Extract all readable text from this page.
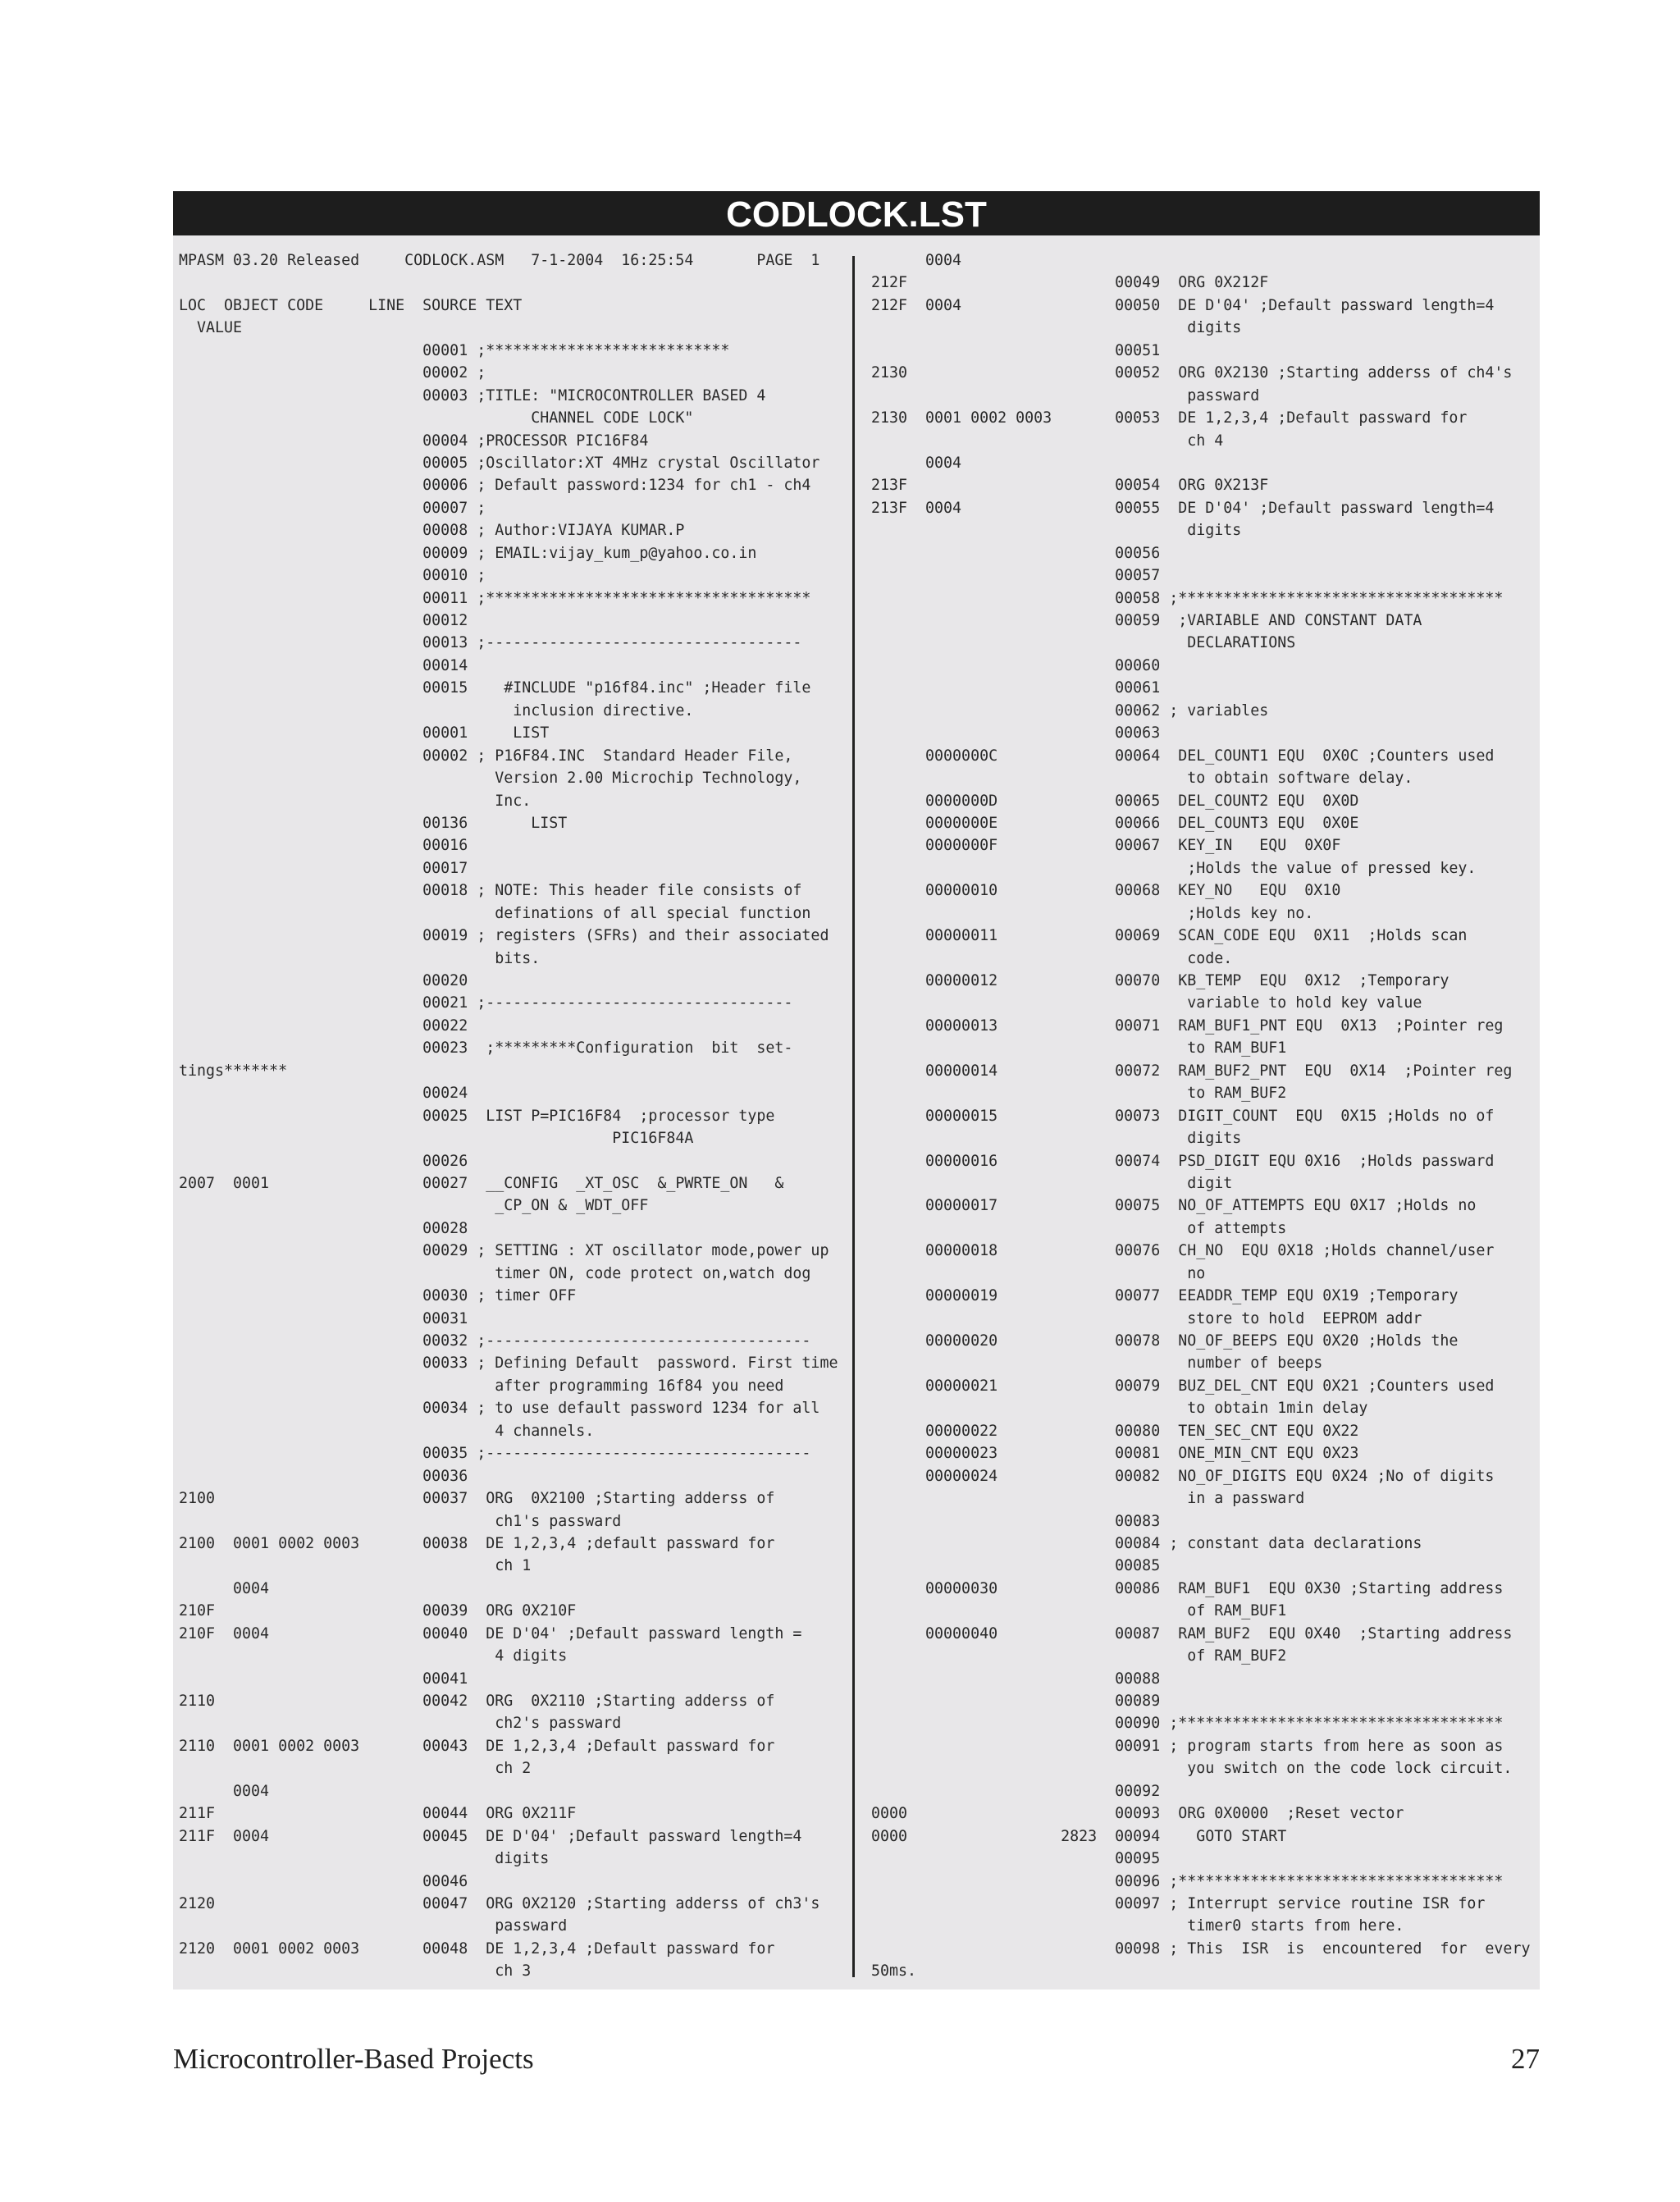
CODLOCK.LST
MPASM 03.20 Released     CODLOCK.ASM   7-1-2004  16:25:54       PAGE  1
LOC  OBJECT CODE     LINE  SOURCE TEXT
VALUE
00001 ;***************************
00002 ;
00003 ;TITLE: "MICROCONTROLLER BASED 4
CHANNEL CODE LOCK"
00004 ;PROCESSOR PIC16F84
00005 ;Oscillator:XT 4MHz crystal Oscillator
00006 ; Default password:1234 for ch1 - ch4
00007 ;
00008 ; Author:VIJAYA KUMAR.P
00009 ; EMAIL:vijay_kum_p@yahoo.co.in
00010 ;
00011 ;************************************
00012
00013 ;-----------------------------------
00014
00015    #INCLUDE "p16f84.inc" ;Header file
inclusion directive.
00001     LIST
00002 ; P16F84.INC  Standard Header File,
Version 2.00 Microchip Technology,
Inc.
00136       LIST
00016
00017
00018 ; NOTE: This header file consists of
definations of all special function
00019 ; registers (SFRs) and their associated
bits.
00020
00021 ;----------------------------------
00022
00023  ;*********Configuration  bit  set-
tings*******
00024
00025  LIST P=PIC16F84  ;processor type
PIC16F84A
00026
2007  0001                 00027  __CONFIG  _XT_OSC  &_PWRTE_ON   &
_CP_ON & _WDT_OFF
00028
00029 ; SETTING : XT oscillator mode,power up
timer ON, code protect on,watch dog
00030 ; timer OFF
00031
00032 ;------------------------------------
00033 ; Defining Default  password. First time
after programming 16f84 you need
00034 ; to use default password 1234 for all
4 channels.
00035 ;------------------------------------
00036
2100                       00037  ORG  0X2100 ;Starting adderss of
ch1's passward
2100  0001 0002 0003       00038  DE 1,2,3,4 ;default passward for
ch 1
0004
210F                       00039  ORG 0X210F
210F  0004                 00040  DE D'04' ;Default passward length =
4 digits
00041
2110                       00042  ORG  0X2110 ;Starting adderss of
ch2's passward
2110  0001 0002 0003       00043  DE 1,2,3,4 ;Default passward for
ch 2
0004
211F                       00044  ORG 0X211F
211F  0004                 00045  DE D'04' ;Default passward length=4
digits
00046
2120                       00047  ORG 0X2120 ;Starting adderss of ch3's
passward
2120  0001 0002 0003       00048  DE 1,2,3,4 ;Default passward for
ch 3
0004
212F                       00049  ORG 0X212F
212F  0004                 00050  DE D'04' ;Default passward length=4
digits
00051
2130                       00052  ORG 0X2130 ;Starting adderss of ch4's
passward
2130  0001 0002 0003       00053  DE 1,2,3,4 ;Default passward for
ch 4
0004
213F                       00054  ORG 0X213F
213F  0004                 00055  DE D'04' ;Default passward length=4
digits
00056
00057
00058 ;************************************
00059  ;VARIABLE AND CONSTANT DATA
DECLARATIONS
00060
00061
00062 ; variables
00063
0000000C             00064  DEL_COUNT1 EQU  0X0C ;Counters used
to obtain software delay.
0000000D             00065  DEL_COUNT2 EQU  0X0D
0000000E             00066  DEL_COUNT3 EQU  0X0E
0000000F             00067  KEY_IN   EQU  0X0F
;Holds the value of pressed key.
00000010             00068  KEY_NO   EQU  0X10
;Holds key no.
00000011             00069  SCAN_CODE EQU  0X11  ;Holds scan
code.
00000012             00070  KB_TEMP  EQU  0X12  ;Temporary
variable to hold key value
00000013             00071  RAM_BUF1_PNT EQU  0X13  ;Pointer reg
to RAM_BUF1
00000014             00072  RAM_BUF2_PNT  EQU  0X14  ;Pointer reg
to RAM_BUF2
00000015             00073  DIGIT_COUNT  EQU  0X15 ;Holds no of
digits
00000016             00074  PSD_DIGIT EQU 0X16  ;Holds passward
digit
00000017             00075  NO_OF_ATTEMPTS EQU 0X17 ;Holds no
of attempts
00000018             00076  CH_NO  EQU 0X18 ;Holds channel/user
no
00000019             00077  EEADDR_TEMP EQU 0X19 ;Temporary
store to hold  EEPROM addr
00000020             00078  NO_OF_BEEPS EQU 0X20 ;Holds the
number of beeps
00000021             00079  BUZ_DEL_CNT EQU 0X21 ;Counters used
to obtain 1min delay
00000022             00080  TEN_SEC_CNT EQU 0X22
00000023             00081  ONE_MIN_CNT EQU 0X23
00000024             00082  NO_OF_DIGITS EQU 0X24 ;No of digits
in a passward
00083
00084 ; constant data declarations
00085
00000030             00086  RAM_BUF1  EQU 0X30 ;Starting address
of RAM_BUF1
00000040             00087  RAM_BUF2  EQU 0X40  ;Starting address
of RAM_BUF2
00088
00089
00090 ;************************************
00091 ; program starts from here as soon as
you switch on the code lock circuit.
00092
0000                       00093  ORG 0X0000  ;Reset vector
0000                 2823  00094    GOTO START
00095
00096 ;************************************
00097 ; Interrupt service routine ISR for
timer0 starts from here.
00098 ; This  ISR  is  encountered  for  every
50ms.
Microcontroller-Based Projects	27
